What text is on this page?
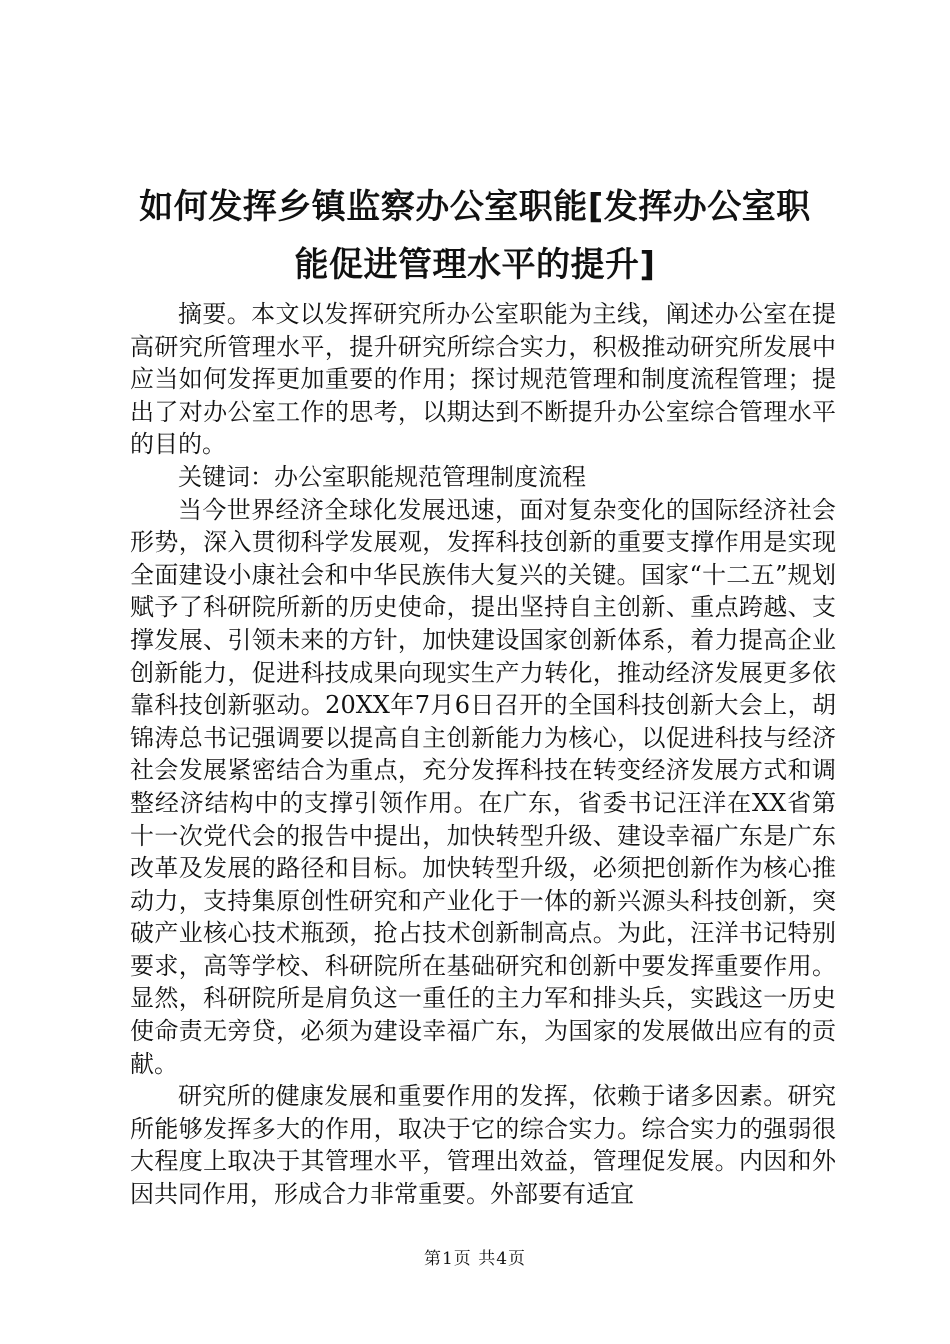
如何发挥乡镇监察办公室职能[发挥办公室职
能促进管理水平的提升]

摘要。本文以发挥研究所办公室职能为主线，阐述办公室在提高研究所管理水平，提升研究所综合实力，积极推动研究所发展中应当如何发挥更加重要的作用；探讨规范管理和制度流程管理；提出了对办公室工作的思考，以期达到不断提升办公室综合管理水平的目的。

关键词：办公室职能规范管理制度流程

当今世界经济全球化发展迅速，面对复杂变化的国际经济社会形势，深入贯彻科学发展观，发挥科技创新的重要支撑作用是实现全面建设小康社会和中华民族伟大复兴的关键。国家“十二五”规划赋予了科研院所新的历史使命，提出坚持自主创新、重点跨越、支撑发展、引领未来的方针，加快建设国家创新体系，着力提高企业创新能力，促进科技成果向现实生产力转化，推动经济发展更多依靠科技创新驱动。20XX年7月6日召开的全国科技创新大会上，胡锦涛总书记强调要以提高自主创新能力为核心，以促进科技与经济社会发展紧密结合为重点，充分发挥科技在转变经济发展方式和调整经济结构中的支撑引领作用。在广东，省委书记汪洋在XX省第十一次党代会的报告中提出，加快转型升级、建设幸福广东是广东改革及发展的路径和目标。加快转型升级，必须把创新作为核心推动力，支持集原创性研究和产业化于一体的新兴源头科技创新，突破产业核心技术瓶颈，抢占技术创新制高点。为此，汪洋书记特别要求，高等学校、科研院所在基础研究和创新中要发挥重要作用。显然，科研院所是肩负这一重任的主力军和排头兵，实践这一历史使命责无旁贷，必须为建设幸福广东，为国家的发展做出应有的贡献。

研究所的健康发展和重要作用的发挥，依赖于诸多因素。研究所能够发挥多大的作用，取决于它的综合实力。综合实力的强弱很大程度上取决于其管理水平，管理出效益，管理促发展。内因和外因共同作用，形成合力非常重要。外部要有适宜

第1页 共4页
